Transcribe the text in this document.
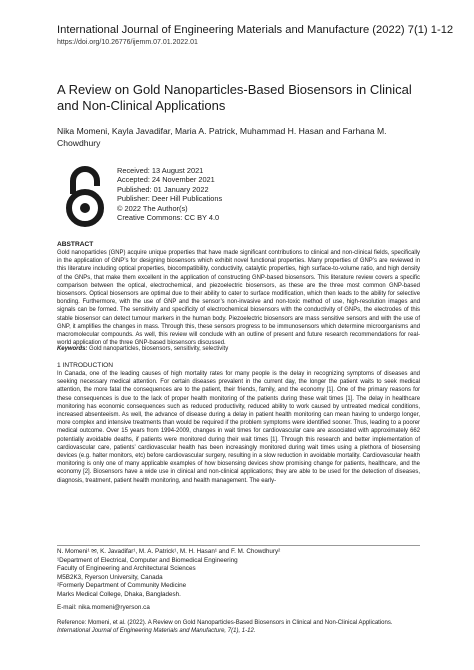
International Journal of Engineering Materials and Manufacture (2022) 7(1) 1-12
https://doi.org/10.26776/ijemm.07.01.2022.01
A Review on Gold Nanoparticles-Based Biosensors in Clinical and Non-Clinical Applications
Nika Momeni, Kayla Javadifar, Maria A. Patrick, Muhammad H. Hasan and Farhana M. Chowdhury
Received: 13 August 2021
Accepted: 24 November 2021
Published: 01 January 2022
Publisher: Deer Hill Publications
© 2022 The Author(s)
Creative Commons: CC BY 4.0
ABSTRACT
Gold nanoparticles (GNP) acquire unique properties that have made significant contributions to clinical and non-clinical fields, specifically in the application of GNP’s for designing biosensors which exhibit novel functional properties. Many properties of GNP’s are reviewed in this literature including optical properties, biocompatibility, conductivity, catalytic properties, high surface-to-volume ratio, and high density of the GNPs, that make them excellent in the application of constructing GNP-based biosensors. This literature review covers a specific comparison between the optical, electrochemical, and piezoelectric biosensors, as these are the three most common GNP-based biosensors. Optical biosensors are optimal due to their ability to cater to surface modification, which then leads to the ability for selective bonding. Furthermore, with the use of GNP and the sensor’s non-invasive and non-toxic method of use, high-resolution images and signals can be formed. The sensitivity and specificity of electrochemical biosensors with the conductivity of GNPs, the electrodes of this stable biosensor can detect tumour markers in the human body. Piezoelectric biosensors are mass sensitive sensors and with the use of GNP, it amplifies the changes in mass. Through this, these sensors progress to be immunosensors which determine microorganisms and macromolecular compounds. As well, this review will conclude with an outline of present and future research recommendations for real-world application of the three GNP-based biosensors discussed.
Keywords: Gold nanoparticles, biosensors, sensitivity, selectivity
1 INTRODUCTION
In Canada, one of the leading causes of high mortality rates for many people is the delay in recognizing symptoms of diseases and seeking necessary medical attention. For certain diseases prevalent in the current day, the longer the patient waits to seek medical attention, the more fatal the consequences are to the patient, their friends, family, and the economy [1]. One of the primary reasons for these consequences is due to the lack of proper health monitoring of the patients during these wait times [1]. The delay in healthcare monitoring has economic consequences such as reduced productivity, reduced ability to work caused by untreated medical conditions, increased absenteeism. As well, the advance of disease during a delay in patient health monitoring can mean having to undergo longer, more complex and intensive treatments than would be required if the problem symptoms were identified sooner. Thus, leading to a poorer medical outcome. Over 15 years from 1994-2009, changes in wait times for cardiovascular care are associated with approximately 662 potentially avoidable deaths, if patients were monitored during their wait times [1]. Through this research and better implementation of cardiovascular care, patients’ cardiovascular health has been increasingly monitored during wait times using a plethora of biosensing devices (e.g. halter monitors, etc) before cardiovascular surgery, resulting in a slow reduction in avoidable mortality. Cardiovascular health monitoring is only one of many applicable examples of how biosensing devices show promising change for patients, healthcare, and the economy [2]. Biosensors have a wide use in clinical and non-clinical applications; they are able to be used for the detection of diseases, diagnosis, treatment, patient health monitoring, and health management. The early-
N. Momeni¹ ✉, K. Javadifar¹, M. A. Patrick¹, M. H. Hasan¹ and F. M. Chowdhury²
¹Department of Electrical, Computer and Biomedical Engineering
Faculty of Engineering and Architectural Sciences
M5B2K3, Ryerson University, Canada
²Formerly Department of Community Medicine
Marks Medical College, Dhaka, Bangladesh.
E-mail: nika.momeni@ryerson.ca
Reference: Momeni, et al. (2022). A Review on Gold Nanoparticles-Based Biosensors in Clinical and Non-Clinical Applications.
International Journal of Engineering Materials and Manufacture, 7(1), 1-12.
